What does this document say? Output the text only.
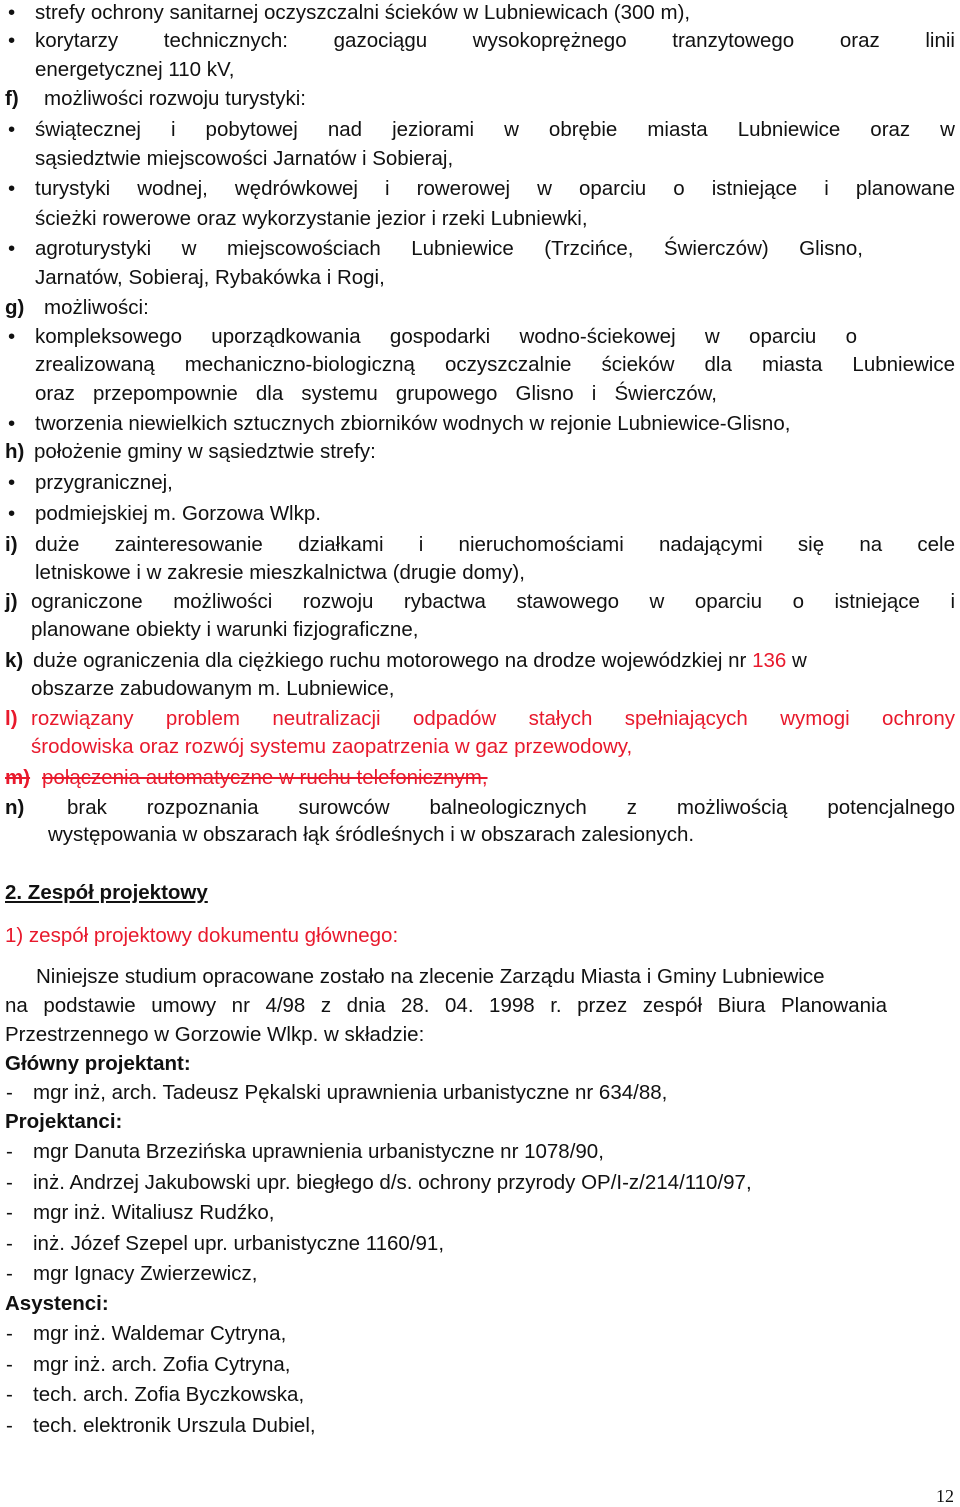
• strefy ochrony sanitarnej oczyszczalni ścieków w Lubniewicach (300 m),
• korytarzy technicznych: gazociągu wysokoprężnego tranzytowego oraz linii
energetycznej 110 kV,
f) możliwości rozwoju turystyki:
• świątecznej i pobytowej nad jeziorami w obrębie miasta Lubniewice oraz w
sąsiedztwie miejscowości Jarnatów i Sobieraj,
• turystyki wodnej, wędrówkowej i rowerowej w oparciu o istniejące i planowane
ścieżki rowerowe oraz wykorzystanie jezior i rzeki Lubniewki,
• agroturystyki w miejscowościach Lubniewice (Trzcińce, Świerczów) Glisno,
Jarnatów, Sobieraj, Rybakówka i Rogi,
g) możliwości:
• kompleksowego uporządkowania gospodarki wodno-ściekowej w oparciu o
zrealizowaną mechaniczno-biologiczną oczyszczalnie ścieków dla miasta Lubniewice
oraz przepompownie dla systemu grupowego Glisno i Świerczów,
• tworzenia niewielkich sztucznych zbiorników wodnych w rejonie Lubniewice-Glisno,
h) położenie gminy w sąsiedztwie strefy:
• przygranicznej,
• podmiejskiej m. Gorzowa Wlkp.
i) duże zainteresowanie działkami i nieruchomościami nadającymi się na cele
letniskowe i w zakresie mieszkalnictwa (drugie domy),
j) ograniczone możliwości rozwoju rybactwa stawowego w oparciu o istniejące i
planowane obiekty i warunki fizjograficzne,
k) duże ograniczenia dla ciężkiego ruchu motorowego na drodze wojewódzkiej nr 136 w
obszarze zabudowanym m. Lubniewice,
l) rozwiązany problem neutralizacji odpadów stałych spełniających wymogi ochrony
środowiska oraz rozwój systemu zaopatrzenia w gaz przewodowy,
m) połączenia automatyczne w ruchu telefonicznym,
n) brak rozpoznania surowców balneologicznych z możliwością potencjalnego
występowania w obszarach łąk śródleśnych i w obszarach zalesionych.
2. Zespół projektowy
1) zespół projektowy dokumentu głównego:
Niniejsze studium opracowane zostało na zlecenie Zarządu Miasta i Gminy Lubniewice
na podstawie umowy nr 4/98 z dnia 28. 04. 1998 r. przez zespół Biura Planowania
Przestrzennego w Gorzowie Wlkp. w składzie:
Główny projektant:
- mgr inż, arch. Tadeusz Pękalski uprawnienia urbanistyczne nr 634/88,
Projektanci:
- mgr Danuta Brzezińska uprawnienia urbanistyczne nr 1078/90,
- inż. Andrzej Jakubowski upr. biegłego d/s. ochrony przyrody OP/I-z/214/110/97,
- mgr inż. Witaliusz Rudźko,
- inż. Józef Szepel upr. urbanistyczne 1160/91,
- mgr Ignacy Zwierzewicz,
Asystenci:
- mgr inż. Waldemar Cytryna,
- mgr inż. arch. Zofia Cytryna,
- tech. arch. Zofia Byczkowska,
- tech. elektronik Urszula Dubiel,
12
